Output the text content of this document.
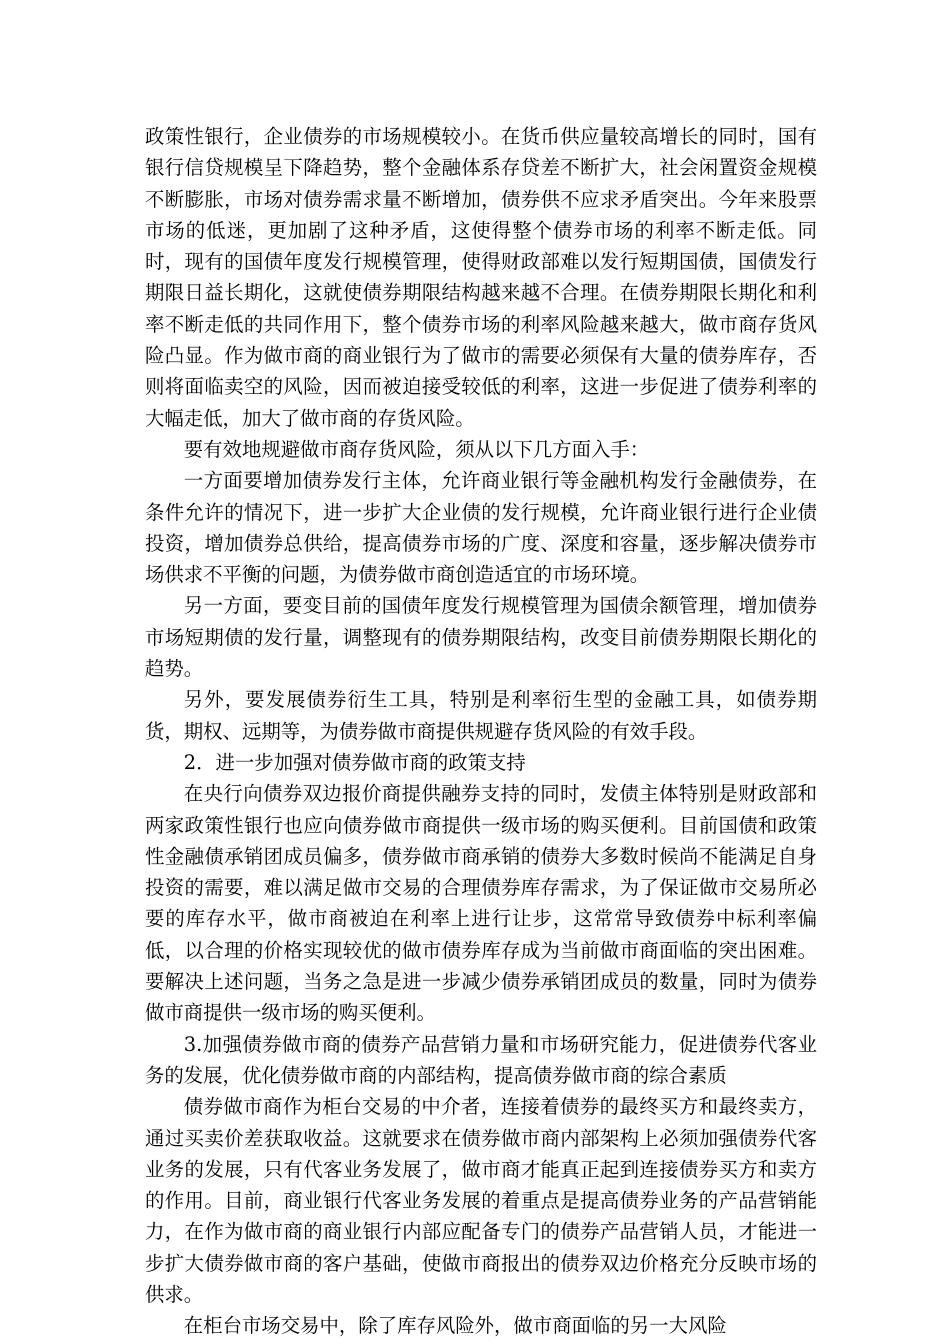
政策性银行，企业债券的市场规模较小。在货币供应量较高增长的同时，国有银行信贷规模呈下降趋势，整个金融体系存贷差不断扩大，社会闲置资金规模不断膨胀，市场对债券需求量不断增加，债券供不应求矛盾突出。今年来股票市场的低迷，更加剧了这种矛盾，这使得整个债券市场的利率不断走低。同时，现有的国债年度发行规模管理，使得财政部难以发行短期国债，国债发行期限日益长期化，这就使债券期限结构越来越不合理。在债券期限长期化和利率不断走低的共同作用下，整个债券市场的利率风险越来越大，做市商存货风险凸显。作为做市商的商业银行为了做市的需要必须保有大量的债券库存，否则将面临卖空的风险，因而被迫接受较低的利率，这进一步促进了债券利率的大幅走低，加大了做市商的存货风险。

要有效地规避做市商存货风险，须从以下几方面入手：

一方面要增加债券发行主体，允许商业银行等金融机构发行金融债券，在条件允许的情况下，进一步扩大企业债的发行规模，允许商业银行进行企业债投资，增加债券总供给，提高债券市场的广度、深度和容量，逐步解决债券市场供求不平衡的问题，为债券做市商创造适宜的市场环境。

另一方面，要变目前的国债年度发行规模管理为国债余额管理，增加债券市场短期债的发行量，调整现有的债券期限结构，改变目前债券期限长期化的趋势。

另外，要发展债券衍生工具，特别是利率衍生型的金融工具，如债券期货，期权、远期等，为债券做市商提供规避存货风险的有效手段。

2．进一步加强对债券做市商的政策支持

在央行向债券双边报价商提供融券支持的同时，发债主体特别是财政部和两家政策性银行也应向债券做市商提供一级市场的购买便利。目前国债和政策性金融债承销团成员偏多，债券做市商承销的债券大多数时候尚不能满足自身投资的需要，难以满足做市交易的合理债券库存需求，为了保证做市交易所必要的库存水平，做市商被迫在利率上进行让步，这常常导致债券中标利率偏低，以合理的价格实现较优的做市债券库存成为当前做市商面临的突出困难。要解决上述问题，当务之急是进一步减少债券承销团成员的数量，同时为债券做市商提供一级市场的购买便利。

3.加强债券做市商的债券产品营销力量和市场研究能力，促进债券代客业务的发展，优化债券做市商的内部结构，提高债券做市商的综合素质

债券做市商作为柜台交易的中介者，连接着债券的最终买方和最终卖方，通过买卖价差获取收益。这就要求在债券做市商内部架构上必须加强债券代客业务的发展，只有代客业务发展了，做市商才能真正起到连接债券买方和卖方的作用。目前，商业银行代客业务发展的着重点是提高债券业务的产品营销能力，在作为做市商的商业银行内部应配备专门的债券产品营销人员，才能进一步扩大债券做市商的客户基础，使做市商报出的债券双边价格充分反映市场的供求。

在柜台市场交易中，除了库存风险外，做市商面临的另一大风险
